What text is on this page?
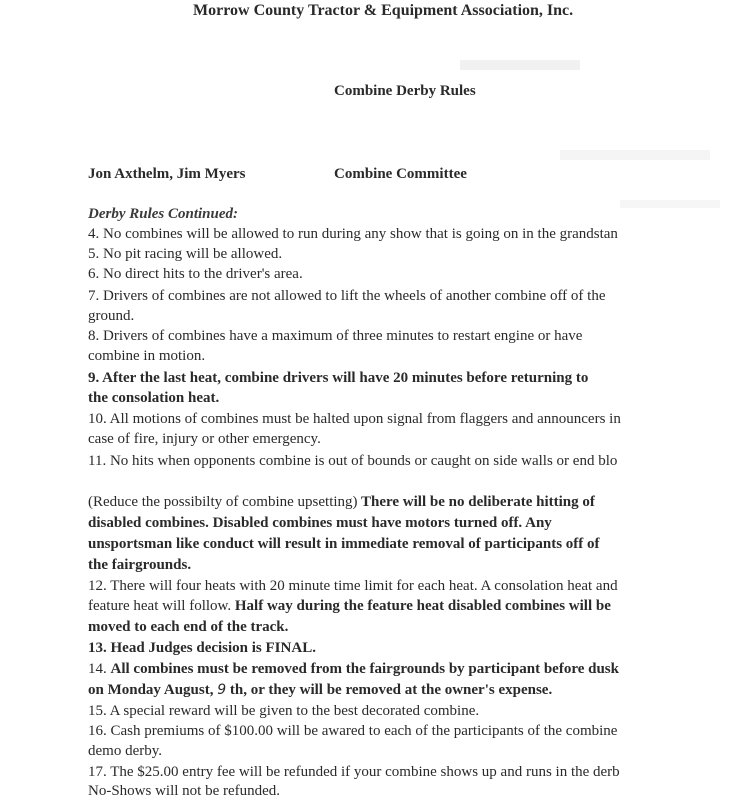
Morrow County Tractor & Equipment Association, Inc.
Combine Derby Rules
Jon Axthelm, Jim Myers	Combine Committee
Derby Rules Continued:
4. No combines will be allowed to run during any show that is going on in the grandstan
5. No pit racing will be allowed.
6. No direct hits to the driver's area.
7. Drivers of combines are not allowed to lift the wheels of another combine off of the
ground.
8. Drivers of combines have a maximum of three minutes to restart engine or have
combine in motion.
9. After the last heat, combine drivers will have 20 minutes before returning to
the consolation heat.
10. All motions of combines must be halted upon signal from flaggers and announcers in
case of fire, injury or other emergency.
11. No hits when opponents combine is out of bounds or caught on side walls or end blo
(Reduce the possibilty of combine upsetting) There will be no deliberate hitting of
disabled combines. Disabled combines must have motors turned off. Any
unsportsman like conduct will result in immediate removal of participants off of
the fairgrounds.
12. There will four heats with 20 minute time limit for each heat. A consolation heat and
feature heat will follow. Half way during the feature heat disabled combines will be
moved to each end of the track.
13. Head Judges decision is FINAL.
14. All combines must be removed from the fairgrounds by participant before dusk
on Monday August, 9 th, or they will be removed at the owner's expense.
15. A special reward will be given to the best decorated combine.
16. Cash premiums of $100.00 will be awared to each of the participants of the combine
demo derby.
17. The $25.00 entry fee will be refunded if your combine shows up and runs in the derb
No-Shows will not be refunded.
